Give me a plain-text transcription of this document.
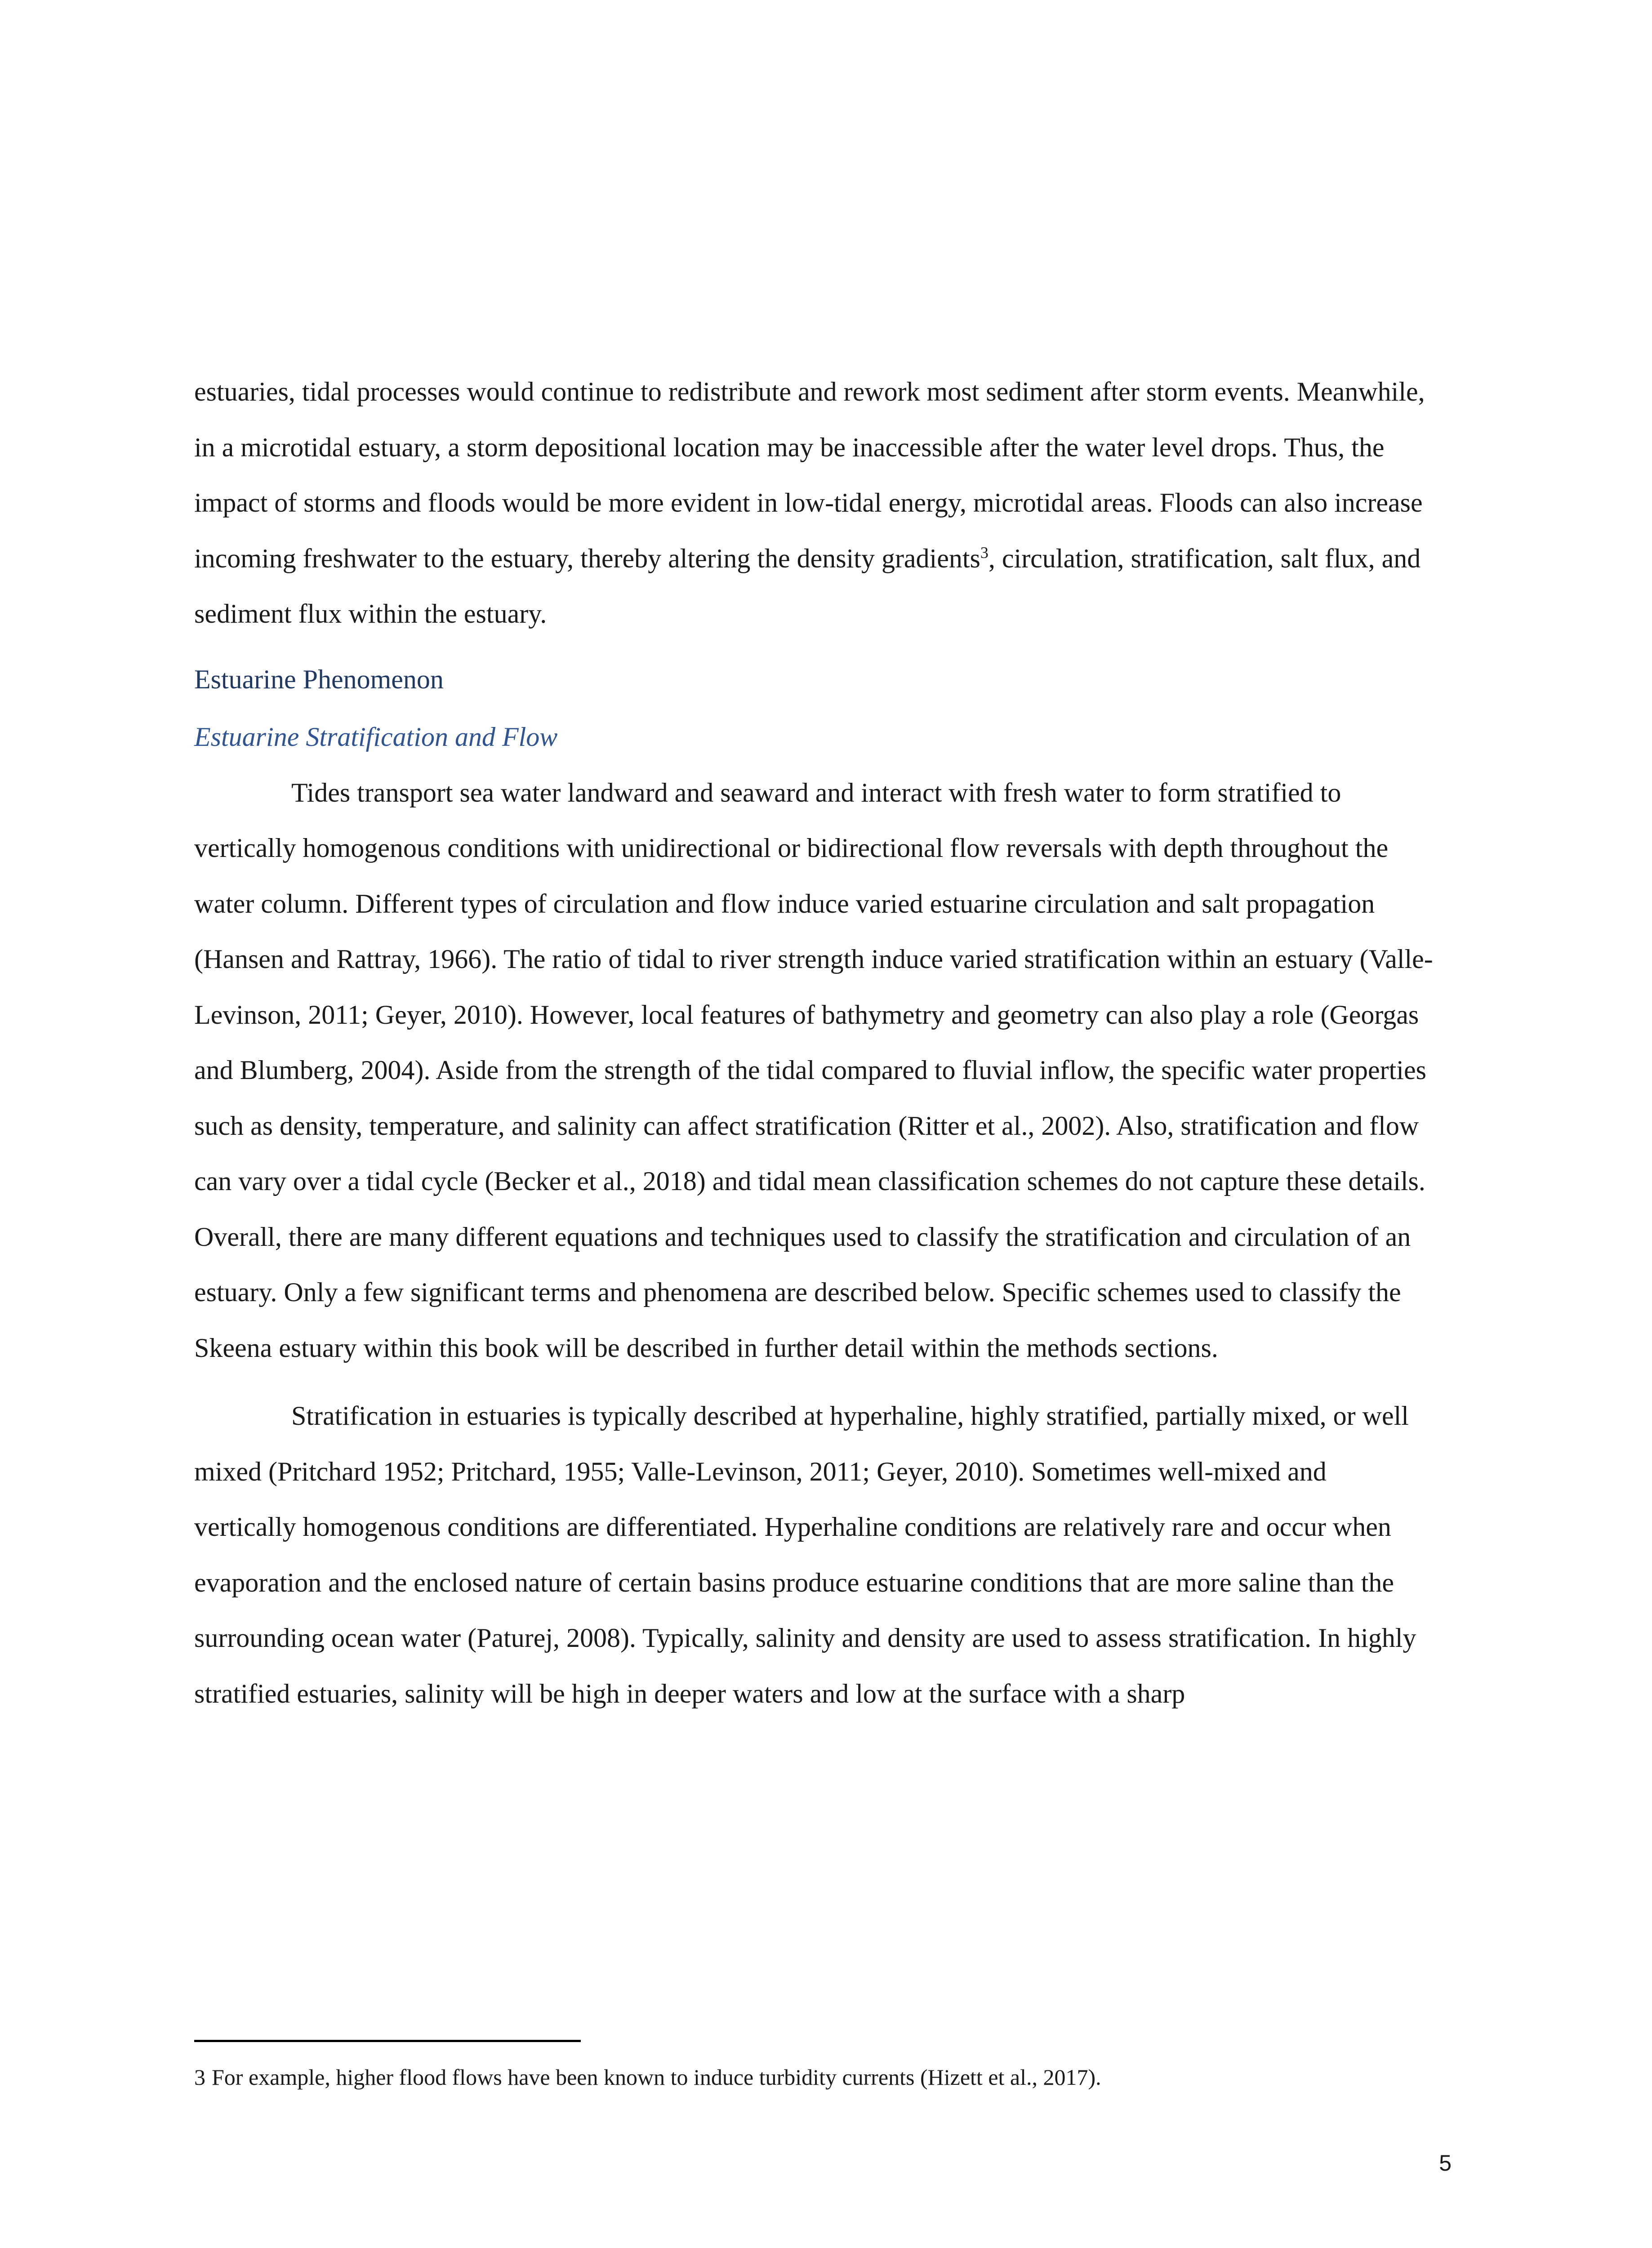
estuaries, tidal processes would continue to redistribute and rework most sediment after storm events. Meanwhile, in a microtidal estuary, a storm depositional location may be inaccessible after the water level drops. Thus, the impact of storms and floods would be more evident in low-tidal energy, microtidal areas. Floods can also increase incoming freshwater to the estuary, thereby altering the density gradients$^3$, circulation, stratification, salt flux, and sediment flux within the estuary.

Estuarine Phenomenon
Estuarine Stratification and Flow

Tides transport sea water landward and seaward and interact with fresh water to form stratified to vertically homogenous conditions with unidirectional or bidirectional flow reversals with depth throughout the water column. Different types of circulation and flow induce varied estuarine circulation and salt propagation (Hansen and Rattray, 1966). The ratio of tidal to river strength induce varied stratification within an estuary (Valle-Levinson, 2011; Geyer, 2010). However, local features of bathymetry and geometry can also play a role (Georgas and Blumberg, 2004). Aside from the strength of the tidal compared to fluvial inflow, the specific water properties such as density, temperature, and salinity can affect stratification (Ritter et al., 2002). Also, stratification and flow can vary over a tidal cycle (Becker et al., 2018) and tidal mean classification schemes do not capture these details. Overall, there are many different equations and techniques used to classify the stratification and circulation of an estuary. Only a few significant terms and phenomena are described below. Specific schemes used to classify the Skeena estuary within this book will be described in further detail within the methods sections.

Stratification in estuaries is typically described at hyperhaline, highly stratified, partially mixed, or well mixed (Pritchard 1952; Pritchard, 1955; Valle-Levinson, 2011; Geyer, 2010). Sometimes well-mixed and vertically homogenous conditions are differentiated. Hyperhaline conditions are relatively rare and occur when evaporation and the enclosed nature of certain basins produce estuarine conditions that are more saline than the surrounding ocean water (Paturej, 2008). Typically, salinity and density are used to assess stratification. In highly stratified estuaries, salinity will be high in deeper waters and low at the surface with a sharp

3 For example, higher flood flows have been known to induce turbidity currents (Hizett et al., 2017).

5
